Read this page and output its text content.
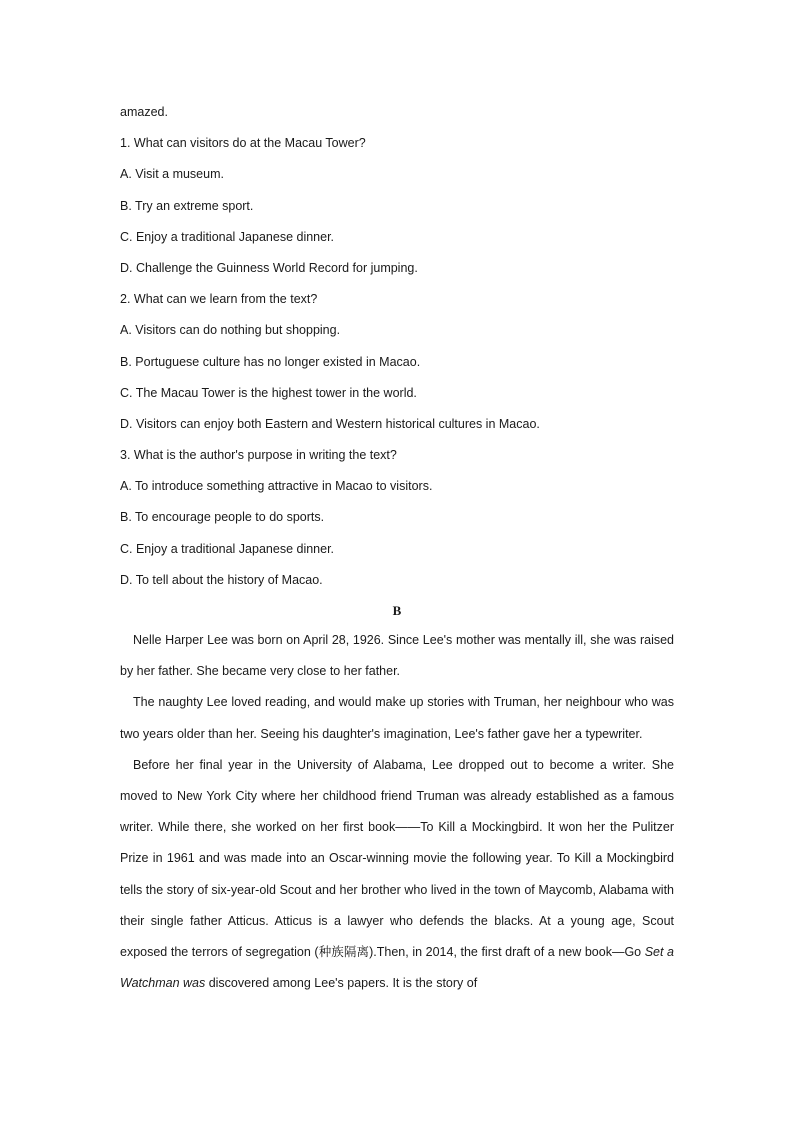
amazed.
1. What can visitors do at the Macau Tower?
A. Visit a museum.
B. Try an extreme sport.
C. Enjoy a traditional Japanese dinner.
D. Challenge the Guinness World Record for jumping.
2. What can we learn from the text?
A. Visitors can do nothing but shopping.
B. Portuguese culture has no longer existed in Macao.
C. The Macau Tower is the highest tower in the world.
D. Visitors can enjoy both Eastern and Western historical cultures in Macao.
3. What is the author's purpose in writing the text?
A. To introduce something attractive in Macao to visitors.
B. To encourage people to do sports.
C. Enjoy a traditional Japanese dinner.
D. To tell about the history of Macao.
B

Nelle Harper Lee was born on April 28, 1926. Since Lee's mother was mentally ill, she was raised by her father. She became very close to her father.

The naughty Lee loved reading, and would make up stories with Truman, her neighbour who was two years older than her. Seeing his daughter's imagination, Lee's father gave her a typewriter.

Before her final year in the University of Alabama, Lee dropped out to become a writer. She moved to New York City where her childhood friend Truman was already established as a famous writer. While there, she worked on her first book——To Kill a Mockingbird. It won her the Pulitzer Prize in 1961 and was made into an Oscar-winning movie the following year. To Kill a Mockingbird tells the story of six-year-old Scout and her brother who lived in the town of Maycomb, Alabama with their single father Atticus. Atticus is a lawyer who defends the blacks. At a young age, Scout exposed the terrors of segregation (种族隔离).Then, in 2014, the first draft of a new book—Go Set a Watchman was discovered among Lee's papers. It is the story of
